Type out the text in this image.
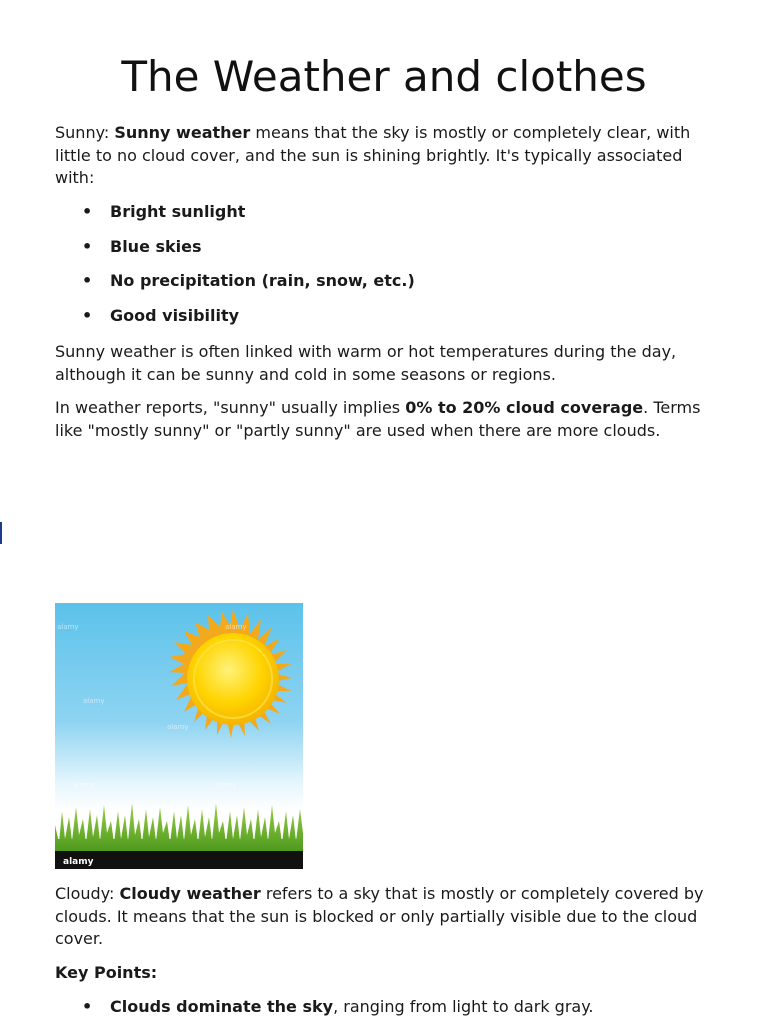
The Weather and clothes

Sunny: Sunny weather means that the sky is mostly or completely clear, with little to no cloud cover, and the sun is shining brightly. It's typically associated with:

• Bright sunlight
• Blue skies
• No precipitation (rain, snow, etc.)
• Good visibility

Sunny weather is often linked with warm or hot temperatures during the day, although it can be sunny and cold in some seasons or regions.

In weather reports, "sunny" usually implies 0% to 20% cloud coverage. Terms like "mostly sunny" or "partly sunny" are used when there are more clouds.

alamy
alamy	alamy
alamy
alamy
alamy	alamy

Cloudy: Cloudy weather refers to a sky that is mostly or completely covered by clouds. It means that the sun is blocked or only partially visible due to the cloud cover.

Key Points:

• Clouds dominate the sky, ranging from light to dark gray.
